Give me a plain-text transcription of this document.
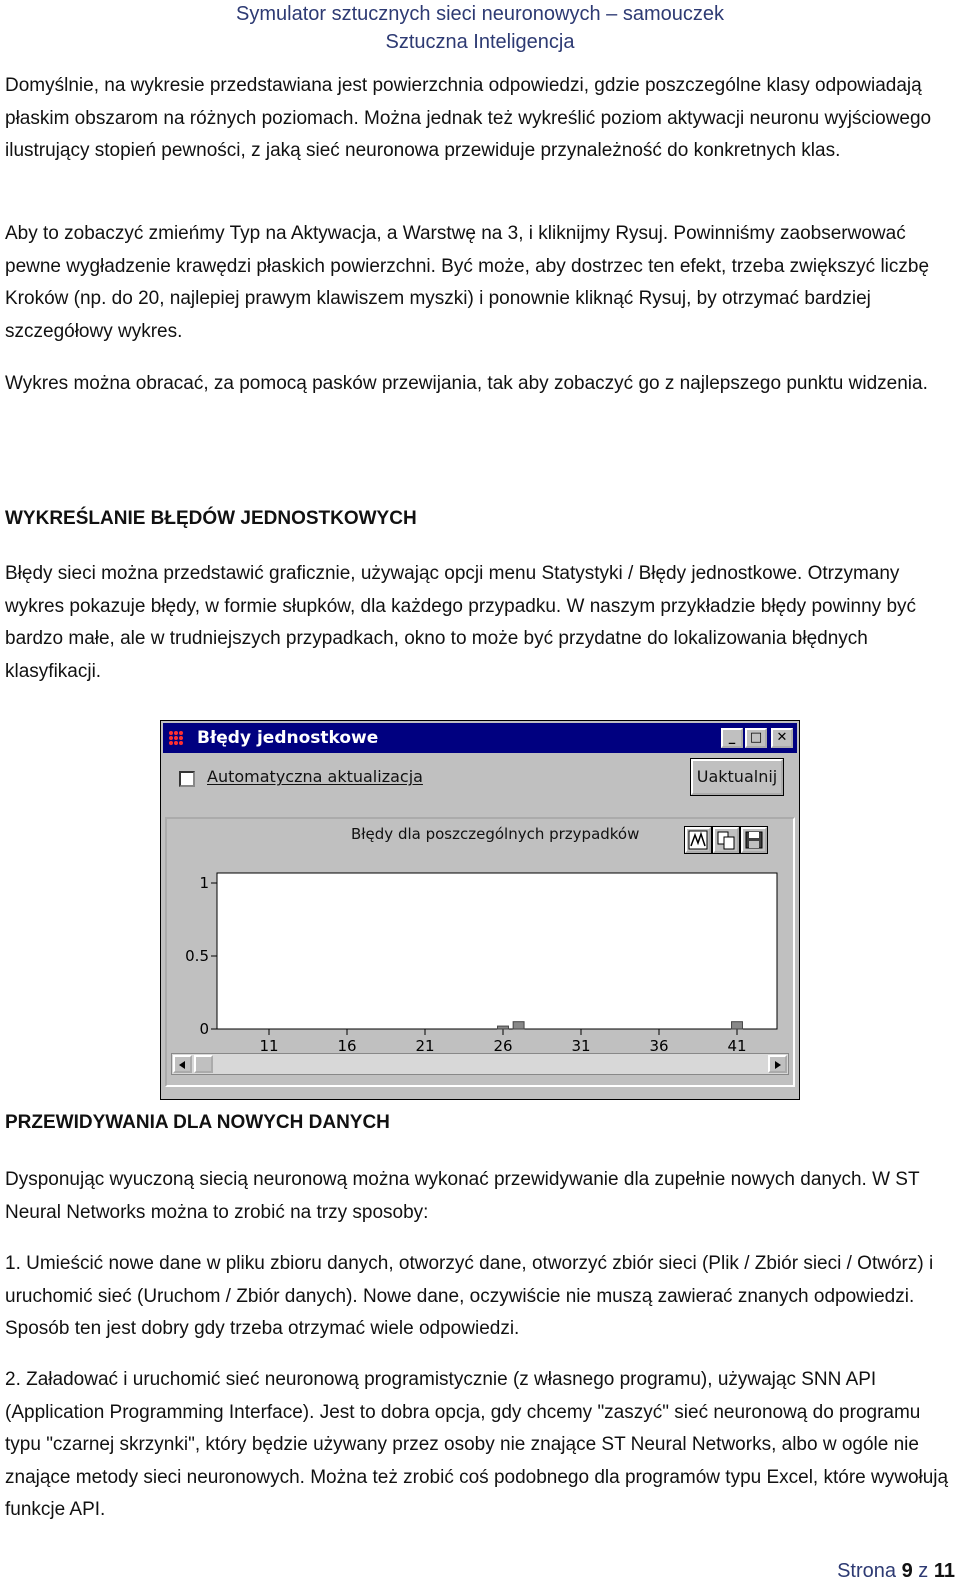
Symulator sztucznych sieci neuronowych – samouczek
Sztuczna Inteligencja

Domyślnie, na wykresie przedstawiana jest powierzchnia odpowiedzi, gdzie poszczególne klasy odpowiadają płaskim obszarom na różnych poziomach. Można jednak też wykreślić poziom aktywacji neuronu wyjściowego ilustrujący stopień pewności, z jaką sieć neuronowa przewiduje przynależność do konkretnych klas.

Aby to zobaczyć zmieńmy Typ na Aktywacja, a Warstwę na 3, i kliknijmy Rysuj. Powinniśmy zaobserwować pewne wygładzenie krawędzi płaskich powierzchni. Być może, aby dostrzec ten efekt, trzeba zwiększyć liczbę Kroków (np. do 20, najlepiej prawym klawiszem myszki) i ponownie kliknąć Rysuj, by otrzymać bardziej szczegółowy wykres.

Wykres można obracać, za pomocą pasków przewijania, tak aby zobaczyć go z najlepszego punktu widzenia.

WYKREŚLANIE BŁĘDÓW JEDNOSTKOWYCH

Błędy sieci można przedstawić graficznie, używając opcji menu Statystyki / Błędy jednostkowe. Otrzymany wykres pokazuje błędy, w formie słupków, dla każdego przypadku. W naszym przykładzie błędy powinny być bardzo małe, ale w trudniejszych przypadkach, okno to może być przydatne do lokalizowania błędnych klasyfikacji.

Błędy jednostkowe	_	□	✕
Automatyczna aktualizacja	Uaktualnij
Błędy dla poszczególnych przypadków
1
0.5
0
11	16	21	26	31	36	41
PRZEWIDYWANIA DLA NOWYCH DANYCH

Dysponując wyuczoną siecią neuronową można wykonać przewidywanie dla zupełnie nowych danych. W ST Neural Networks można to zrobić na trzy sposoby:

1. Umieścić nowe dane w pliku zbioru danych, otworzyć dane, otworzyć zbiór sieci (Plik / Zbiór sieci / Otwórz) i uruchomić sieć (Uruchom / Zbiór danych). Nowe dane, oczywiście nie muszą zawierać znanych odpowiedzi. Sposób ten jest dobry gdy trzeba otrzymać wiele odpowiedzi.

2. Załadować i uruchomić sieć neuronową programistycznie (z własnego programu), używając SNN API (Application Programming Interface). Jest to dobra opcja, gdy chcemy "zaszyć" sieć neuronową do programu typu "czarnej skrzynki", który będzie używany przez osoby nie znające ST Neural Networks, albo w ogóle nie znające metody sieci neuronowych. Można też zrobić coś podobnego dla programów typu Excel, które wywołują funkcje API.

Strona 9 z 11
